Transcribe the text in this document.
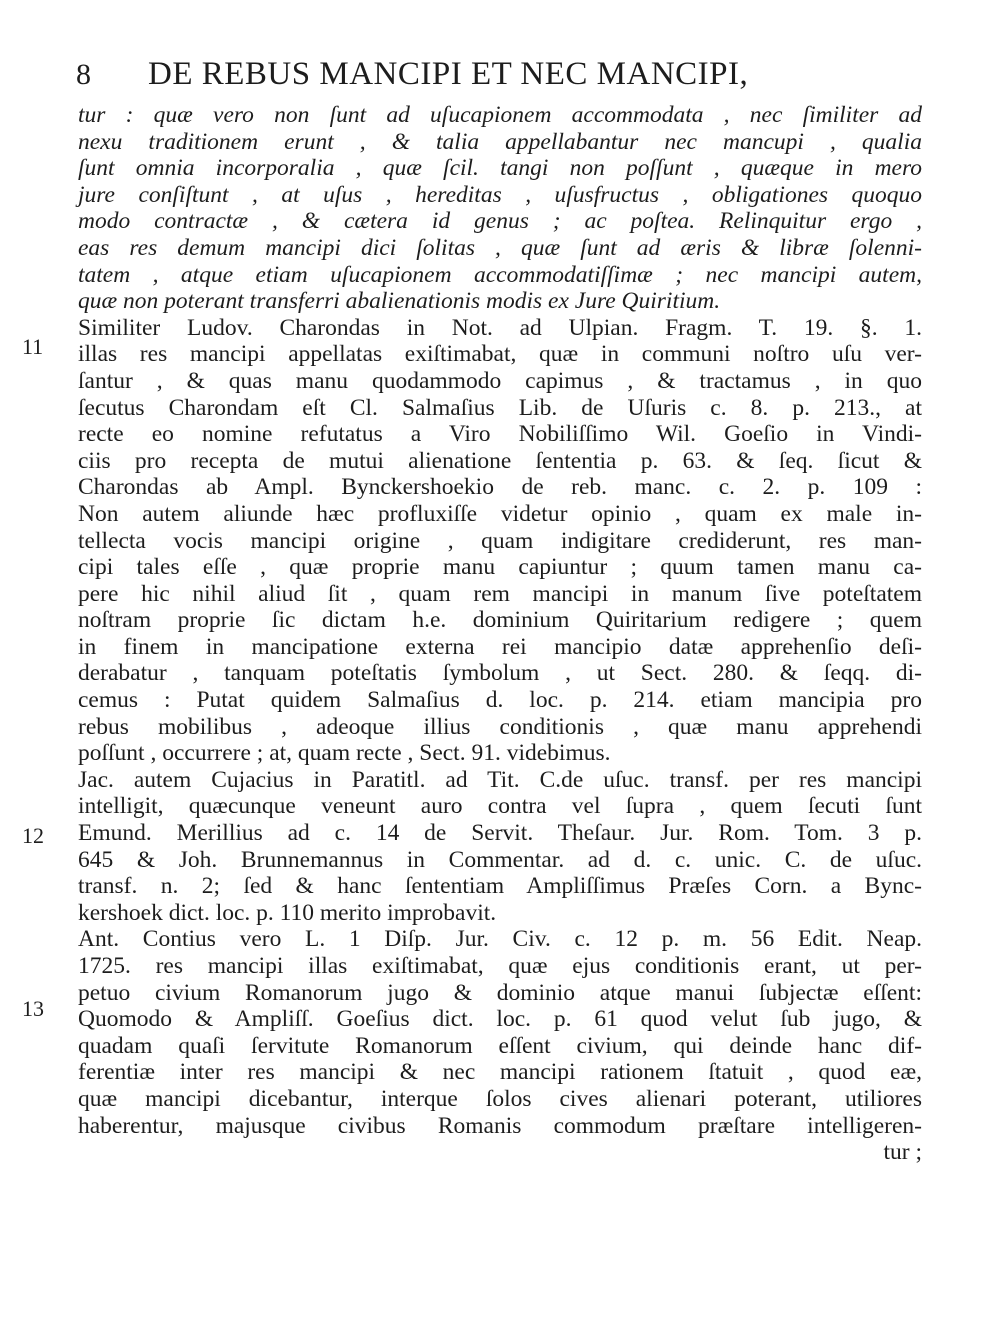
8 DE REBUS MANCIPI ET NEC MANCIPI,
11
12
13
tur : quæ vero non ſunt ad uſucapionem accommodata , nec ſimiliter ad
nexu traditionem erunt , & talia appellabantur nec mancupi , qualia
ſunt omnia incorporalia , quæ ſcil. tangi non poſſunt , quæque in mero
jure conſiſtunt , at uſus , hereditas , uſusfructus , obligationes quoquo
modo contractæ , & cætera id genus ; ac poſtea. Relinquitur ergo ,
eas res demum mancipi dici ſolitas , quæ ſunt ad æris & libræ ſolenni-
tatem , atque etiam uſucapionem accommodatiſſimæ ; nec mancipi autem,
quæ non poterant transferri abalienationis modis ex Jure Quiritium.
Similiter Ludov. Charondas in Not. ad Ulpian. Fragm. T. 19. §. 1.
illas res mancipi appellatas exiſtimabat, quæ in communi noſtro uſu ver-
ſantur , & quas manu quodammodo capimus , & tractamus , in quo
ſecutus Charondam eſt Cl. Salmaſius Lib. de Uſuris c. 8. p. 213., at
recte eo nomine refutatus a Viro Nobiliſſimo Wil. Goeſio in Vindi-
ciis pro recepta de mutui alienatione ſententia p. 63. & ſeq. ſicut &
Charondas ab Ampl. Bynckershoekio de reb. manc. c. 2. p. 109 :
Non autem aliunde hæc profluxiſſe videtur opinio , quam ex male in-
tellecta vocis mancipi origine , quam indigitare crediderunt, res man-
cipi tales eſſe , quæ proprie manu capiuntur ; quum tamen manu ca-
pere hic nihil aliud ſit , quam rem mancipi in manum ſive poteſtatem
noſtram proprie ſic dictam h.e. dominium Quiritarium redigere ; quem
in finem in mancipatione externa rei mancipio datæ apprehenſio deſi-
derabatur , tanquam poteſtatis ſymbolum , ut Sect. 280. & ſeqq. di-
cemus : Putat quidem Salmaſius d. loc. p. 214. etiam mancipia pro
rebus mobilibus , adeoque illius conditionis , quæ manu apprehendi
poſſunt , occurrere ; at, quam recte , Sect. 91. videbimus.
Jac. autem Cujacius in Paratitl. ad Tit. C.de uſuc. transf. per res mancipi
intelligit, quæcunque veneunt auro contra vel ſupra , quem ſecuti ſunt
Emund. Merillius ad c. 14 de Servit. Theſaur. Jur. Rom. Tom. 3 p.
645 & Joh. Brunnemannus in Commentar. ad d. c. unic. C. de uſuc.
transf. n. 2; ſed & hanc ſententiam Ampliſſimus Præſes Corn. a Bync-
kershoek dict. loc. p. 110 merito improbavit.
Ant. Contius vero L. 1 Diſp. Jur. Civ. c. 12 p. m. 56 Edit. Neap.
1725. res mancipi illas exiſtimabat, quæ ejus conditionis erant, ut per-
petuo civium Romanorum jugo & dominio atque manui ſubjectæ eſſent:
Quomodo & Ampliſſ. Goeſius dict. loc. p. 61 quod velut ſub jugo, &
quadam quaſi ſervitute Romanorum eſſent civium, qui deinde hanc dif-
ferentiæ inter res mancipi & nec mancipi rationem ſtatuit , quod eæ,
quæ mancipi dicebantur, interque ſolos cives alienari poterant, utiliores
haberentur, majusque civibus Romanis commodum præſtare intelligeren-
tur ;
